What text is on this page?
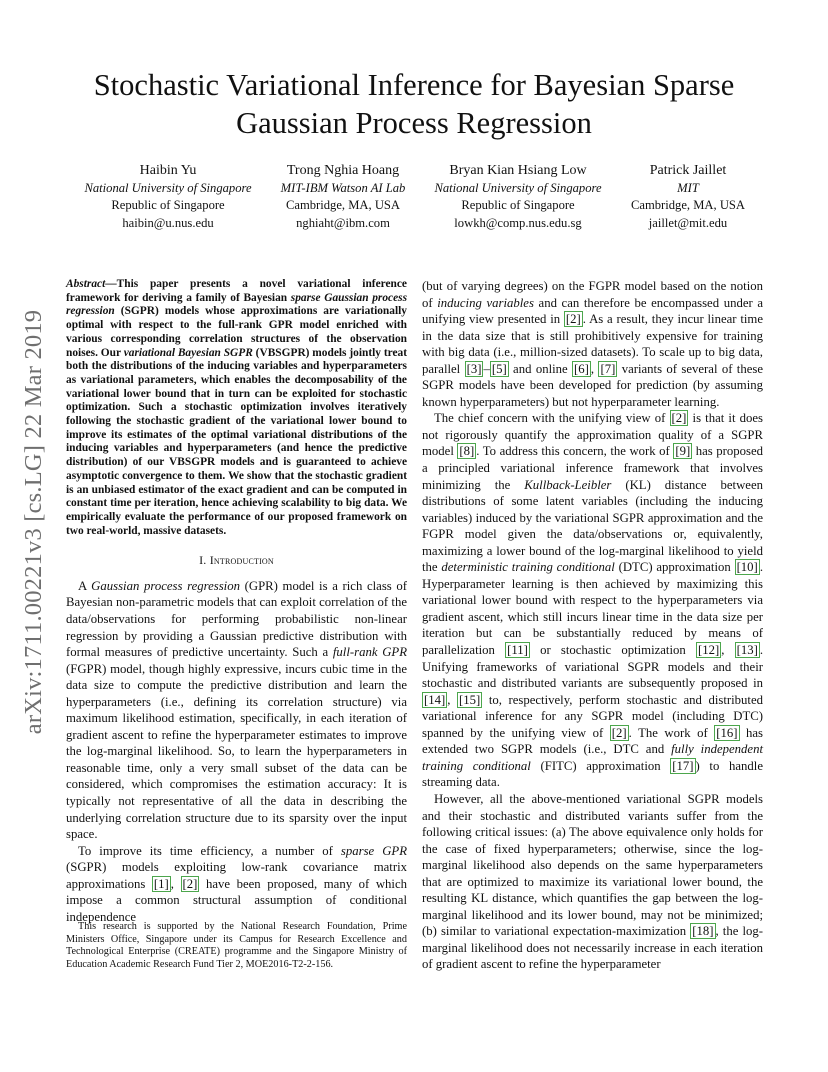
Stochastic Variational Inference for Bayesian Sparse Gaussian Process Regression
Haibin Yu
National University of Singapore
Republic of Singapore
haibin@u.nus.edu
Trong Nghia Hoang
MIT-IBM Watson AI Lab
Cambridge, MA, USA
nghiaht@ibm.com
Bryan Kian Hsiang Low
National University of Singapore
Republic of Singapore
lowkh@comp.nus.edu.sg
Patrick Jaillet
MIT
Cambridge, MA, USA
jaillet@mit.edu
arXiv:1711.00221v3 [cs.LG] 22 Mar 2019

Abstract—This paper presents a novel variational inference framework for deriving a family of Bayesian sparse Gaussian process regression (SGPR) models whose approximations are variationally optimal with respect to the full-rank GPR model enriched with various corresponding correlation structures of the observation noises. Our variational Bayesian SGPR (VBSGPR) models jointly treat both the distributions of the inducing variables and hyperparameters as variational parameters, which enables the decomposability of the variational lower bound that in turn can be exploited for stochastic optimization. Such a stochastic optimization involves iteratively following the stochastic gradient of the variational lower bound to improve its estimates of the optimal variational distributions of the inducing variables and hyperparameters (and hence the predictive distribution) of our VBSGPR models and is guaranteed to achieve asymptotic convergence to them. We show that the stochastic gradient is an unbiased estimator of the exact gradient and can be computed in constant time per iteration, hence achieving scalability to big data. We empirically evaluate the performance of our proposed framework on two real-world, massive datasets.

I. Introduction

A Gaussian process regression (GPR) model is a rich class of Bayesian non-parametric models that can exploit correlation of the data/observations for performing probabilistic non-linear regression by providing a Gaussian predictive distribution with formal measures of predictive uncertainty. Such a full-rank GPR (FGPR) model, though highly expressive, incurs cubic time in the data size to compute the predictive distribution and learn the hyperparameters (i.e., defining its correlation structure) via maximum likelihood estimation, specifically, in each iteration of gradient ascent to refine the hyperparameter estimates to improve the log-marginal likelihood. So, to learn the hyperparameters in reasonable time, only a very small subset of the data can be considered, which compromises the estimation accuracy: It is typically not representative of all the data in describing the underlying correlation structure due to its sparsity over the input space.

To improve its time efficiency, a number of sparse GPR (SGPR) models exploiting low-rank covariance matrix approximations [1] , [2] have been proposed, many of which impose a common structural assumption of conditional independence

(but of varying degrees) on the FGPR model based on the notion of inducing variables and can therefore be encompassed under a unifying view presented in [2] . As a result, they incur linear time in the data size that is still prohibitively expensive for training with big data (i.e., million-sized datasets). To scale up to big data, parallel [3] – [5] and online [6] , [7] variants of several of these SGPR models have been developed for prediction (by assuming known hyperparameters) but not hyperparameter learning.

The chief concern with the unifying view of [2] is that it does not rigorously quantify the approximation quality of a SGPR model [8] . To address this concern, the work of [9] has proposed a principled variational inference framework that involves minimizing the Kullback-Leibler (KL) distance between distributions of some latent variables (including the inducing variables) induced by the variational SGPR approximation and the FGPR model given the data/observations or, equivalently, maximizing a lower bound of the log-marginal likelihood to yield the deterministic training conditional (DTC) approximation [10] . Hyperparameter learning is then achieved by maximizing this variational lower bound with respect to the hyperparameters via gradient ascent, which still incurs linear time in the data size per iteration but can be substantially reduced by means of parallelization [11] or stochastic optimization [12] , [13] . Unifying frameworks of variational SGPR models and their stochastic and distributed variants are subsequently proposed in [14] , [15] to, respectively, perform stochastic and distributed variational inference for any SGPR model (including DTC) spanned by the unifying view of [2] . The work of [16] has extended two SGPR models (i.e., DTC and fully independent training conditional (FITC) approximation [17] ) to handle streaming data.

However, all the above-mentioned variational SGPR models and their stochastic and distributed variants suffer from the following critical issues: (a) The above equivalence only holds for the case of fixed hyperparameters; otherwise, since the log-marginal likelihood also depends on the same hyperparameters that are optimized to maximize its variational lower bound, the resulting KL distance, which quantifies the gap between the log-marginal likelihood and its lower bound, may not be minimized; (b) similar to variational expectation-maximization [18] , the log-marginal likelihood does not necessarily increase in each iteration of gradient ascent to refine the hyperparameter

This research is supported by the National Research Foundation, Prime Ministers Office, Singapore under its Campus for Research Excellence and Technological Enterprise (CREATE) programme and the Singapore Ministry of Education Academic Research Fund Tier 2, MOE2016-T2-2-156.
